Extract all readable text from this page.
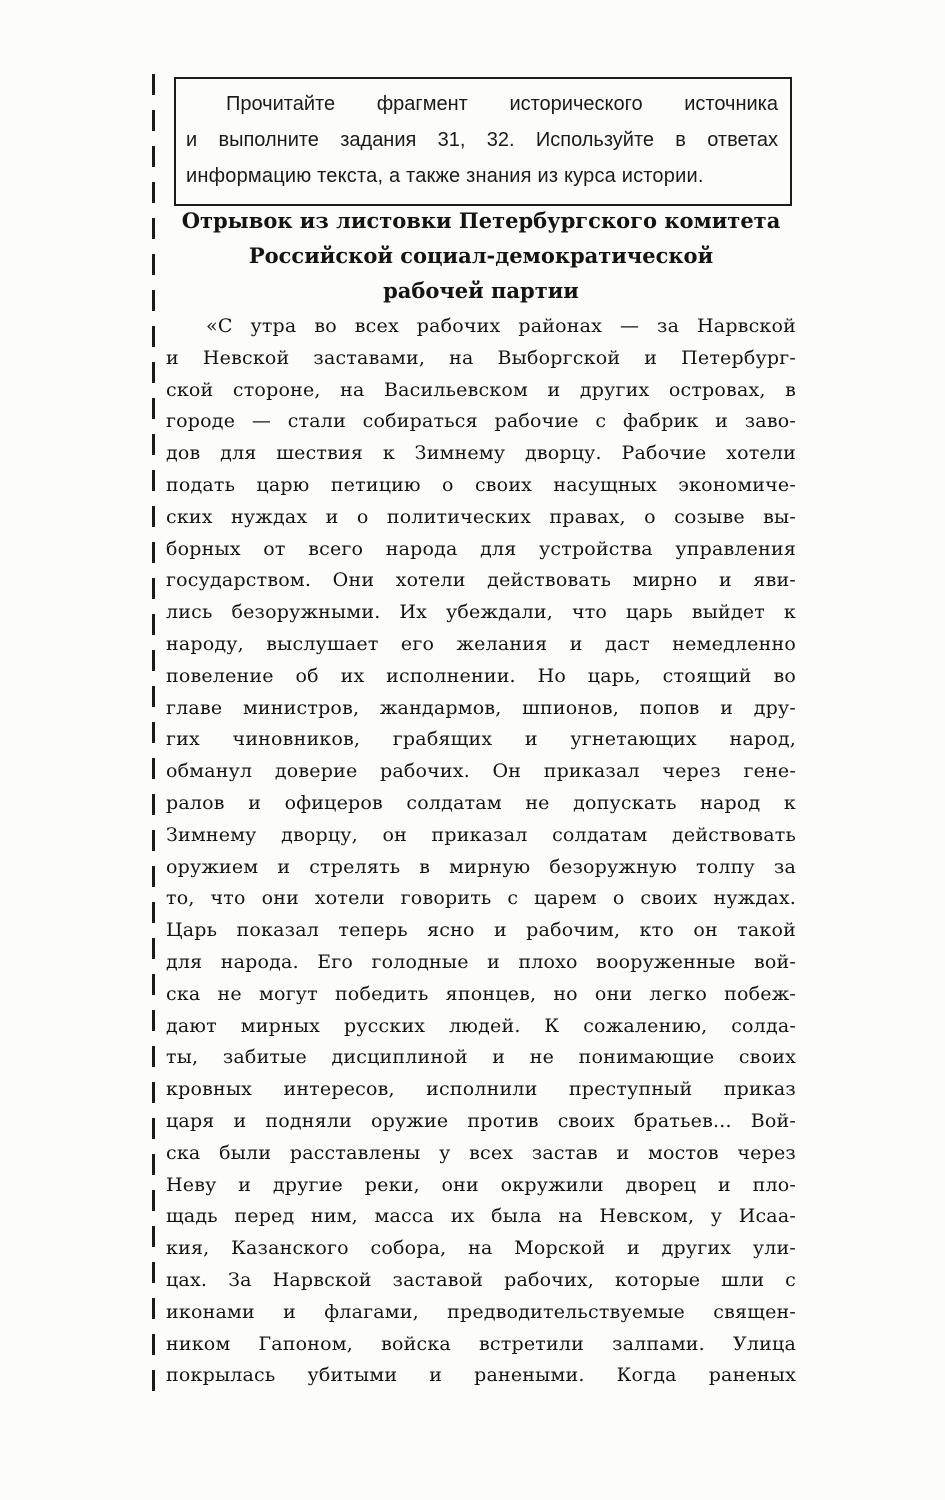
Прочитайте фрагмент исторического источника
и выполните задания 31, 32. Используйте в ответах
информацию текста, а также знания из курса истории.
Отрывок из листовки Петербургского комитета
Российской социал-демократической
рабочей партии
«С утра во всех рабочих районах — за Нарвской
и Невской заставами, на Выборгской и Петербург-
ской стороне, на Васильевском и других островах, в
городе — стали собираться рабочие с фабрик и заво-
дов для шествия к Зимнему дворцу. Рабочие хотели
подать царю петицию о своих насущных экономиче-
ских нуждах и о политических правах, о созыве вы-
борных от всего народа для устройства управления
государством. Они хотели действовать мирно и яви-
лись безоружными. Их убеждали, что царь выйдет к
народу, выслушает его желания и даст немедленно
повеление об их исполнении. Но царь, стоящий во
главе министров, жандармов, шпионов, попов и дру-
гих чиновников, грабящих и угнетающих народ,
обманул доверие рабочих. Он приказал через гене-
ралов и офицеров солдатам не допускать народ к
Зимнему дворцу, он приказал солдатам действовать
оружием и стрелять в мирную безоружную толпу за
то, что они хотели говорить с царем о своих нуждах.
Царь показал теперь ясно и рабочим, кто он такой
для народа. Его голодные и плохо вооруженные вой-
ска не могут победить японцев, но они легко побеж-
дают мирных русских людей. К сожалению, солда-
ты, забитые дисциплиной и не понимающие своих
кровных интересов, исполнили преступный приказ
царя и подняли оружие против своих братьев... Вой-
ска были расставлены у всех застав и мостов через
Неву и другие реки, они окружили дворец и пло-
щадь перед ним, масса их была на Невском, у Исаа-
кия, Казанского собора, на Морской и других ули-
цах. За Нарвской заставой рабочих, которые шли с
иконами и флагами, предводительствуемые священ-
ником Гапоном, войска встретили залпами. Улица
покрылась убитыми и ранеными. Когда раненых
